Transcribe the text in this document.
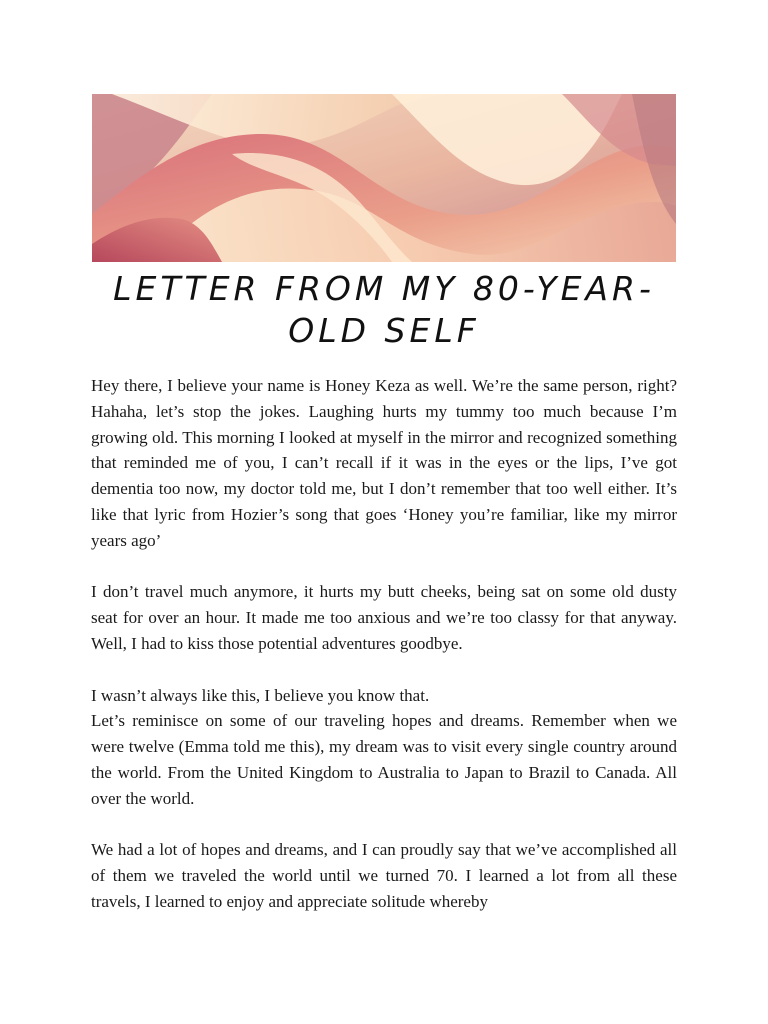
LETTER FROM MY 80-YEAR-OLD SELF

Hey there, I believe your name is Honey Keza as well. We’re the same person, right? Hahaha, let’s stop the jokes. Laughing hurts my tummy too much because I’m growing old. This morning I looked at myself in the mirror and recognized something that reminded me of you, I can’t recall if it was in the eyes or the lips, I’ve got dementia too now, my doctor told me, but I don’t remember that too well either. It’s like that lyric from Hozier’s song that goes ‘Honey you’re familiar, like my mirror years ago’

I don’t travel much anymore, it hurts my butt cheeks, being sat on some old dusty seat for over an hour. It made me too anxious and we’re too classy for that anyway. Well, I had to kiss those potential adventures goodbye.

I wasn’t always like this, I believe you know that.

Let’s reminisce on some of our traveling hopes and dreams. Remember when we were twelve (Emma told me this), my dream was to visit every single country around the world. From the United Kingdom to Australia to Japan to Brazil to Canada. All over the world.

We had a lot of hopes and dreams, and I can proudly say that we’ve accomplished all of them we traveled the world until we turned 70. I learned a lot from all these travels, I learned to enjoy and appreciate solitude whereby
